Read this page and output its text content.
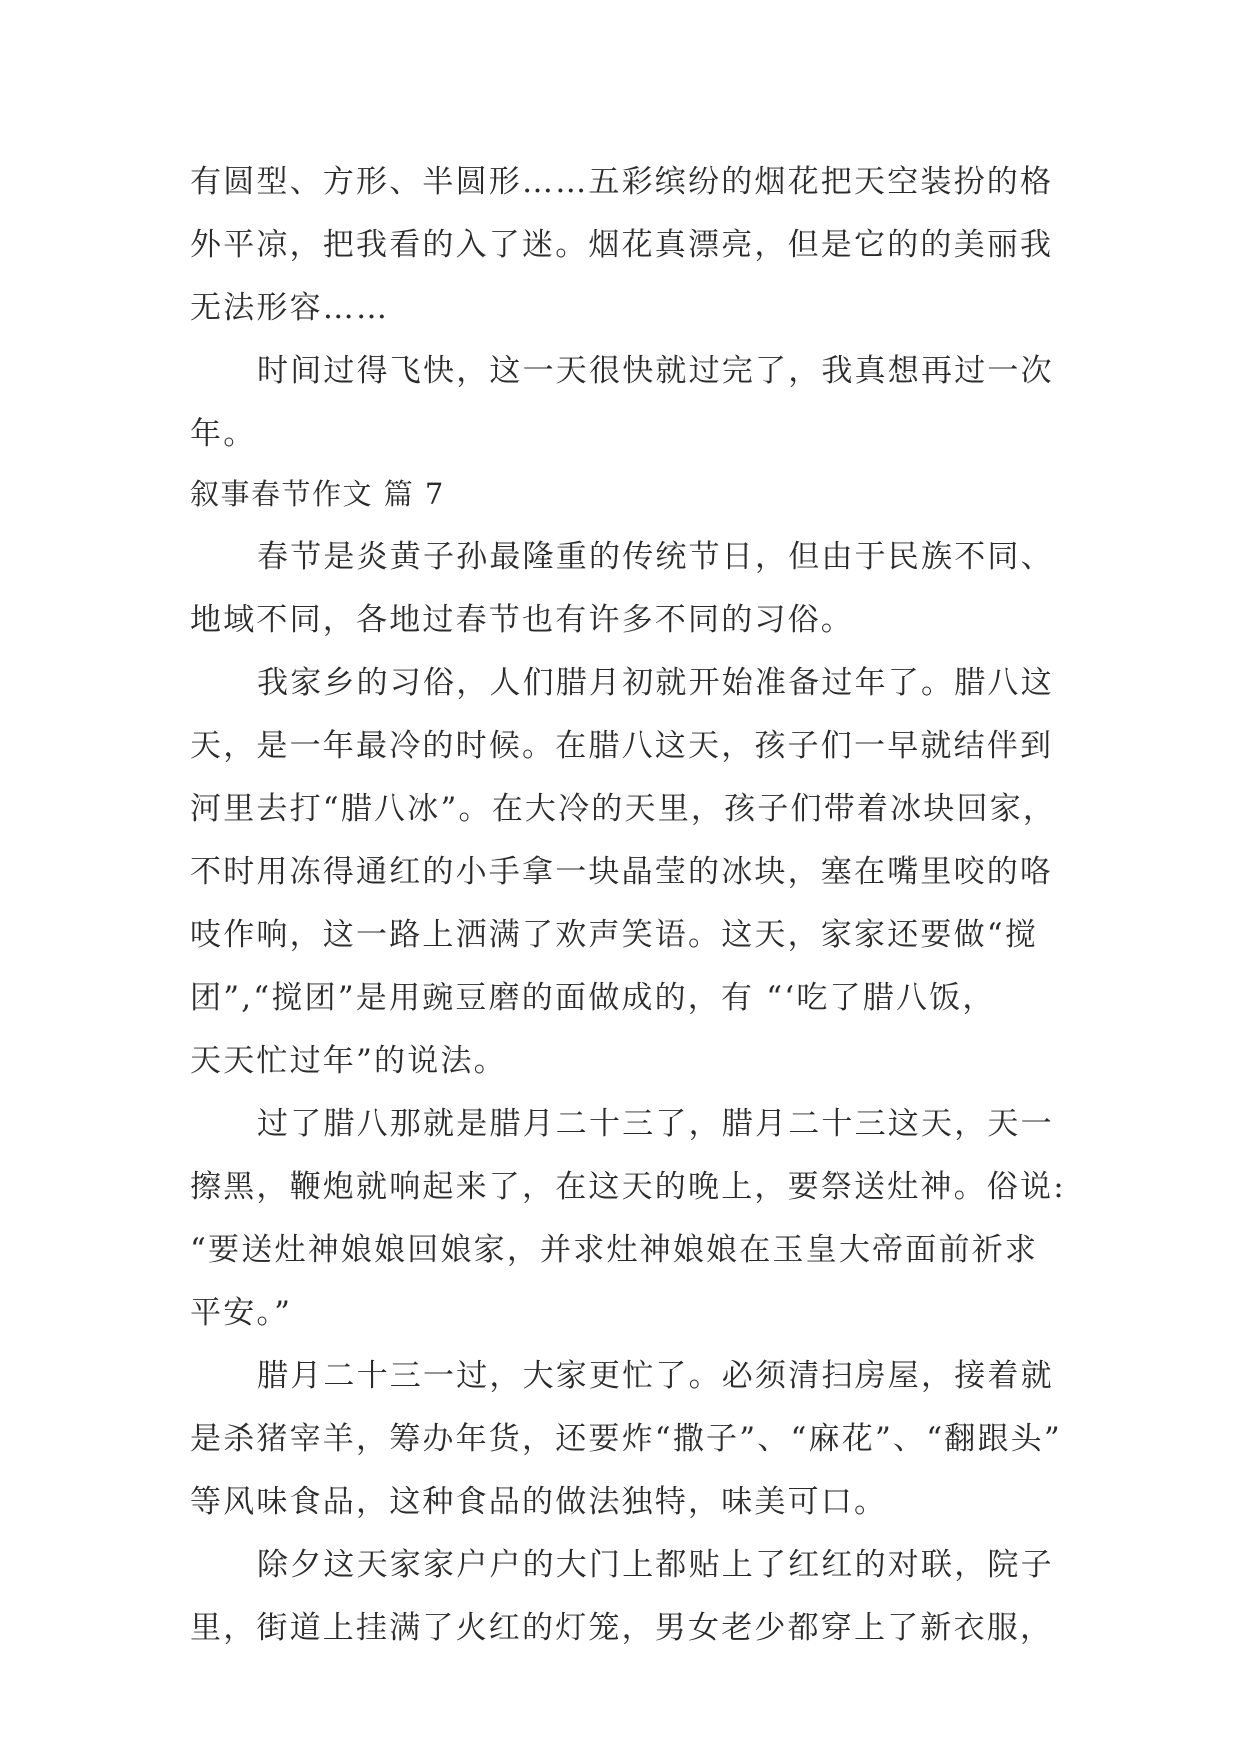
有圆型、方形、半圆形……五彩缤纷的烟花把天空装扮的格

外平凉，把我看的入了迷。烟花真漂亮，但是它的的美丽我

无法形容……

时间过得飞快，这一天很快就过完了，我真想再过一次

年。

叙事春节作文 篇 7

春节是炎黄子孙最隆重的传统节日，但由于民族不同、

地域不同，各地过春节也有许多不同的习俗。

我家乡的习俗，人们腊月初就开始准备过年了。腊八这

天，是一年最冷的时候。在腊八这天，孩子们一早就结伴到

河里去打“腊八冰”。在大冷的天里，孩子们带着冰块回家，

不时用冻得通红的小手拿一块晶莹的冰块，塞在嘴里咬的咯

吱作响，这一路上洒满了欢声笑语。这天，家家还要做“搅

团”,“搅团”是用豌豆磨的面做成的，有 “‘吃了腊八饭，

天天忙过年”的说法。

过了腊八那就是腊月二十三了，腊月二十三这天，天一

擦黑，鞭炮就响起来了，在这天的晚上，要祭送灶神。俗说:

“要送灶神娘娘回娘家，并求灶神娘娘在玉皇大帝面前祈求

平安。”

腊月二十三一过，大家更忙了。必须清扫房屋，接着就

是杀猪宰羊，筹办年货，还要炸“撒子”、“麻花”、“翻跟头”

等风味食品，这种食品的做法独特，味美可口。

除夕这天家家户户的大门上都贴上了红红的对联，院子

里，街道上挂满了火红的灯笼，男女老少都穿上了新衣服，
